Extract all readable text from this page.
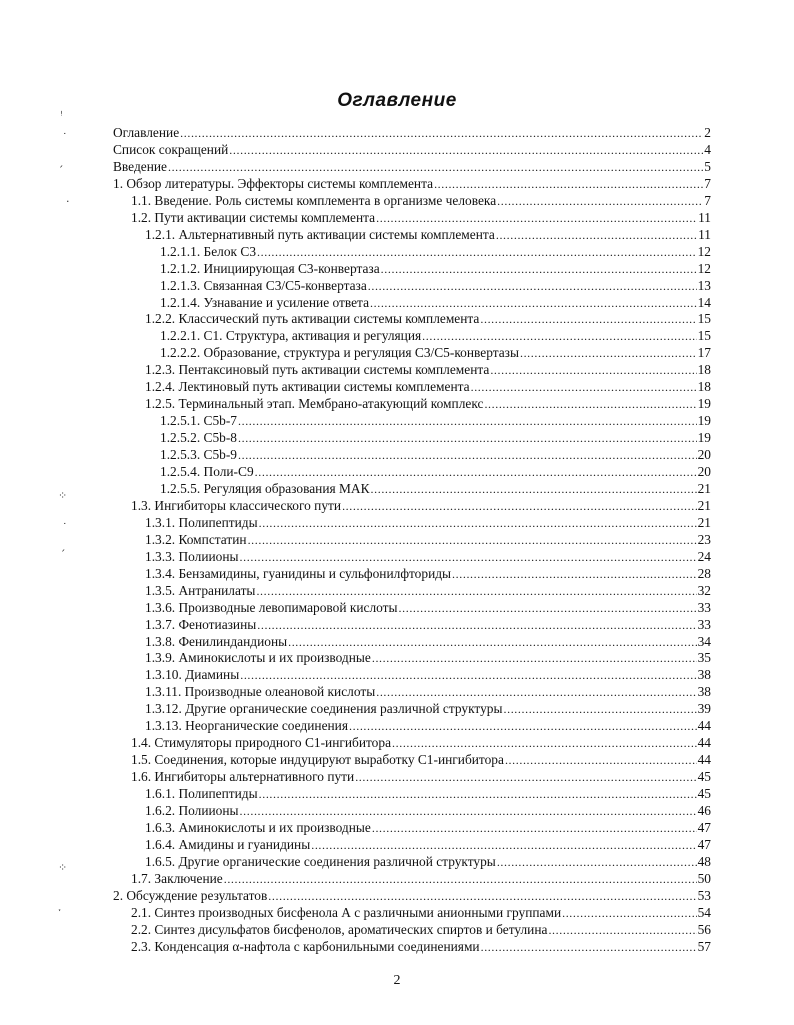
Оглавление
Оглавление .....	2
Список сокращений .....	4
Введение .....	5
1. Обзор литературы. Эффекторы системы комплемента .....	7
1.1. Введение. Роль системы комплемента в организме человека .....	7
1.2. Пути активации системы комплемента .....	11
1.2.1. Альтернативный путь активации системы комплемента .....	11
1.2.1.1. Белок С3 .....	12
1.2.1.2. Инициирующая С3-конвертаза .....	12
1.2.1.3. Связанная С3/С5-конвертаза .....	13
1.2.1.4. Узнавание и усиление ответа .....	14
1.2.2. Классический путь активации системы комплемента .....	15
1.2.2.1. С1. Структура, активация и регуляция .....	15
1.2.2.2. Образование, структура и регуляция С3/С5-конвертазы .....	17
1.2.3. Пентаксиновый путь активации системы комплемента .....	18
1.2.4. Лектиновый путь активации системы комплемента .....	18
1.2.5. Терминальный этап. Мембрано-атакующий комплекс .....	19
1.2.5.1. С5b-7 .....	19
1.2.5.2. С5b-8 .....	19
1.2.5.3. С5b-9 .....	20
1.2.5.4. Поли-С9 .....	20
1.2.5.5. Регуляция образования МАК .....	21
1.3. Ингибиторы классического пути .....	21
1.3.1. Полипептиды .....	21
1.3.2. Компстатин .....	23
1.3.3. Полиионы .....	24
1.3.4. Бензамидины, гуанидины и сульфонилфториды .....	28
1.3.5. Антранилаты .....	32
1.3.6. Производные левопимаровой кислоты .....	33
1.3.7. Фенотиазины .....	33
1.3.8. Фенилиндандионы .....	34
1.3.9. Аминокислоты и их производные .....	35
1.3.10. Диамины .....	38
1.3.11. Производные олеановой кислоты .....	38
1.3.12. Другие органические соединения различной структуры .....	39
1.3.13. Неорганические соединения .....	44
1.4. Стимуляторы природного С1-ингибитора .....	44
1.5. Соединения, которые индуцируют выработку С1-ингибитора .....	44
1.6. Ингибиторы альтернативного пути .....	45
1.6.1. Полипептиды .....	45
1.6.2. Полиионы .....	46
1.6.3. Аминокислоты и их производные .....	47
1.6.4. Амидины и гуанидины .....	47
1.6.5. Другие органические соединения различной структуры .....	48
1.7. Заключение .....	50
2. Обсуждение результатов .....	53
2.1. Синтез производных бисфенола А с различными анионными группами .....	54
2.2. Синтез дисульфатов бисфенолов, ароматических спиртов и бетулина .....	56
2.3. Конденсация α-нафтола с карбонильными соединениями .....	57
2
ꜝ
˙
ˏ
·
⁘
˙
ˏ
⁘
ˑ
